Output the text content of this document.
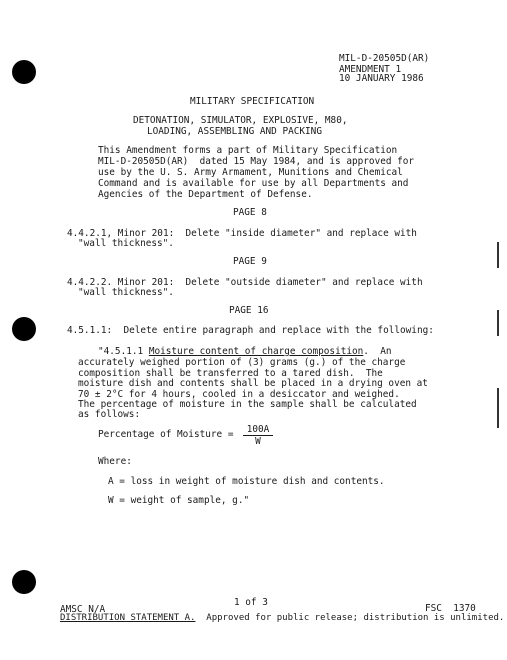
MIL-D-20505D(AR)
AMENDMENT 1
10 JANUARY 1986
MILITARY SPECIFICATION
DETONATION, SIMULATOR, EXPLOSIVE, M80,
LOADING, ASSEMBLING AND PACKING
This Amendment forms a part of Military Specification
MIL-D-20505D(AR)  dated 15 May 1984, and is approved for
use by the U. S. Army Armament, Munitions and Chemical
Command and is available for use by all Departments and
Agencies of the Department of Defense.
PAGE 8
4.4.2.1, Minor 201:  Delete "inside diameter" and replace with
"wall thickness".
PAGE 9
4.4.2.2. Minor 201:  Delete "outside diameter" and replace with
"wall thickness".
PAGE 16
4.5.1.1:  Delete entire paragraph and replace with the following:
"4.5.1.1 Moisture content of charge composition.  An
accurately weighed portion of (3) grams (g.) of the charge
composition shall be transferred to a tared dish.  The
moisture dish and contents shall be placed in a drying oven at
70 ± 2°C for 4 hours, cooled in a desiccator and weighed.
The percentage of moisture in the sample shall be calculated
as follows:
Percentage of Moisture = $\frac{100A}{W}$
Where:
A = loss in weight of moisture dish and contents.
W = weight of sample, g."
1 of 3
AMSC N/A	FSC  1370
DISTRIBUTION STATEMENT A.  Approved for public release; distribution is unlimited.
